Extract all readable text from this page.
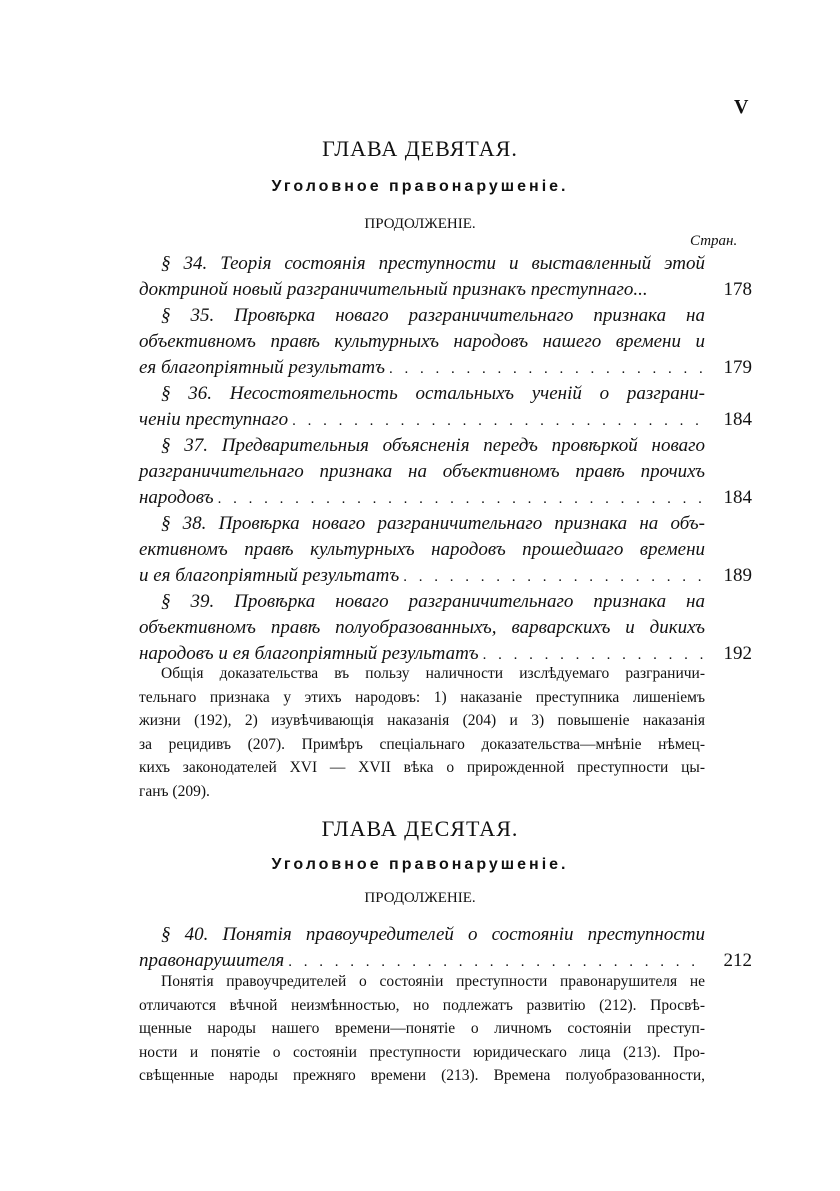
V
ГЛАВА ДЕВЯТАЯ.
Уголовное правонарушенie.
ПРОДОЛЖЕНIЕ.
Стран.
§ 34. Теорія состоянія преступности и выставленный этой
доктриной новый разграничительный признакъ преступнаго...	178
§ 35. Провѣрка новаго разграничительнаго признака на
объективномъ правѣ культурныхъ народовъ нашего времени и
ея благопріятный результатъ . . .	179
§ 36. Несостоятельность остальныхъ ученій о разграни-
ченіи преступнаго . . .	184
§ 37. Предварительныя объясненія передъ провѣркой новаго
разграничительнаго признака на объективномъ правѣ прочихъ
народовъ . . .	184
§ 38. Провѣрка новаго разграничительнаго признака на объ-
ективномъ правѣ культурныхъ народовъ прошедшаго времени
и ея благопріятный результатъ . . .	189
§ 39. Провѣрка новаго разграничительнаго признака на
объективномъ правѣ полуобразованныхъ, варварскихъ и дикихъ
народовъ и ея благопріятный результатъ . . .	192
Общія доказательства въ пользу наличности изслѣдуемаго разграничи-
тельнаго признака у этихъ народовъ: 1) наказаніе преступника лишеніемъ
жизни (192), 2) изувѣчивающія наказанія (204) и 3) повышеніе наказанія
за рецидивъ (207). Примѣръ спеціальнаго доказательства—мнѣніе нѣмец-
кихъ законодателей XVI — XVII вѣка о прирожденной преступности цы-
ганъ (209).
ГЛАВА ДЕСЯТАЯ.
Уголовное правонарушенie.
ПРОДОЛЖЕНIЕ.
§ 40. Понятія правоучредителей о состояніи преступности
правонарушителя . . .	212
Понятія правоучредителей о состояніи преступности правонарушителя не
отличаются вѣчной неизмѣнностью, но подлежатъ развитію (212). Просвѣ-
щенные народы нашего времени—понятіе о личномъ состояніи преступ-
ности и понятіе о состояніи преступности юридическаго лица (213). Про-
свѣщенные народы прежняго времени (213). Времена полуобразованности,
